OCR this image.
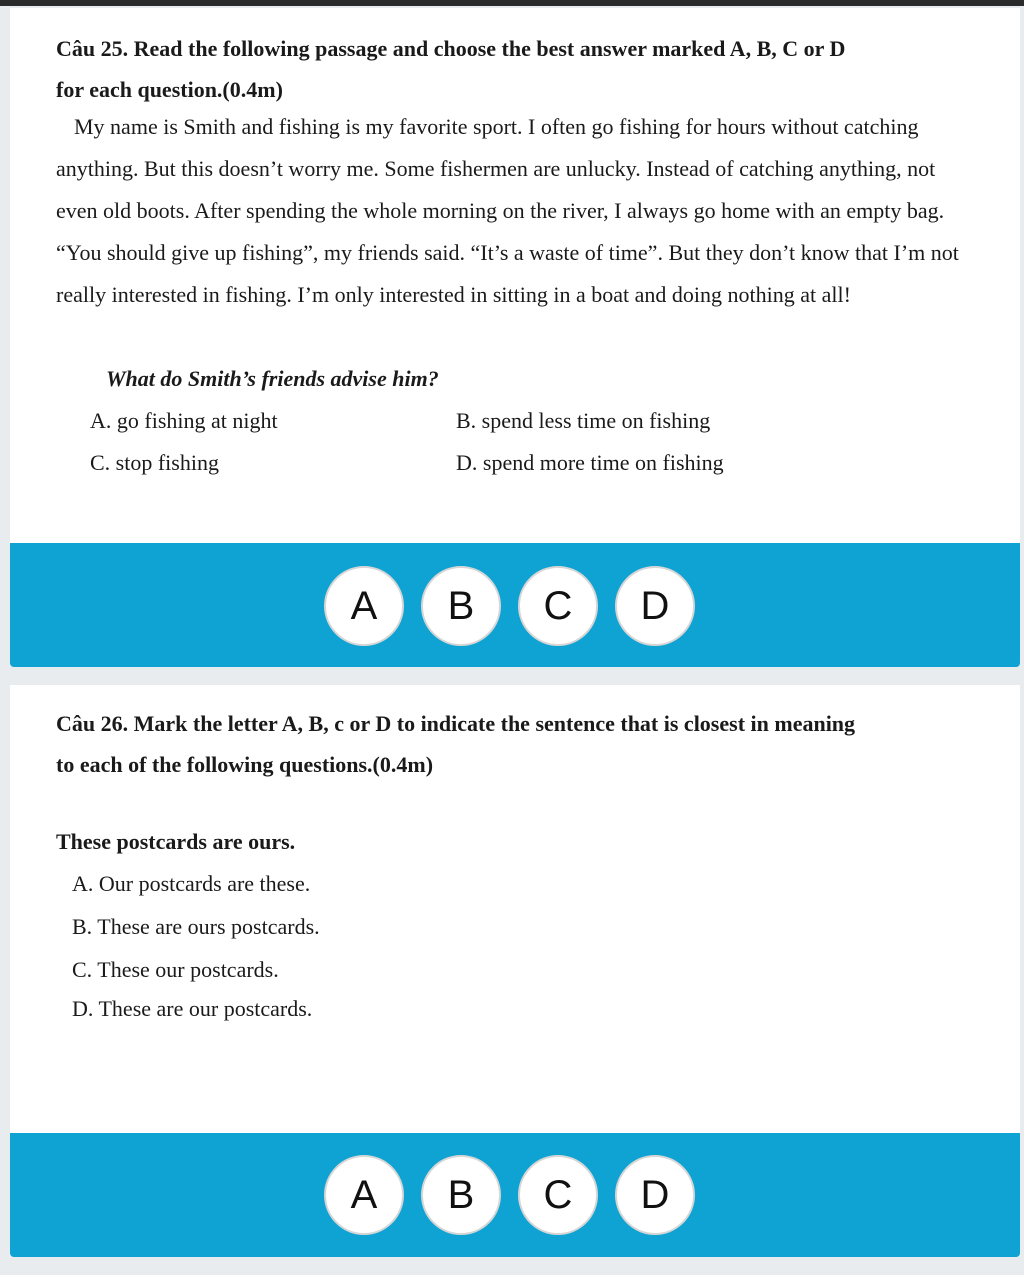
Câu 25. Read the following passage and choose the best answer marked A, B, C or D
for each question.(0.4m)
My name is Smith and fishing is my favorite sport. I often go fishing for hours without catching anything. But this doesn’t worry me. Some fishermen are unlucky. Instead of catching anything, not even old boots. After spending the whole morning on the river, I always go home with an empty bag. “You should give up fishing”, my friends said. “It’s a waste of time”. But they don’t know that I’m not really interested in fishing. I’m only interested in sitting in a boat and doing nothing at all!
What do Smith’s friends advise him?
A. go fishing at night	B. spend less time on fishing
C. stop fishing	D. spend more time on fishing
A	B	C	D
Câu 26. Mark the letter A, B, c or D to indicate the sentence that is closest in meaning
to each of the following questions.(0.4m)
These postcards are ours.
A. Our postcards are these.
B. These are ours postcards.
C. These our postcards.
D. These are our postcards.
A	B	C	D
